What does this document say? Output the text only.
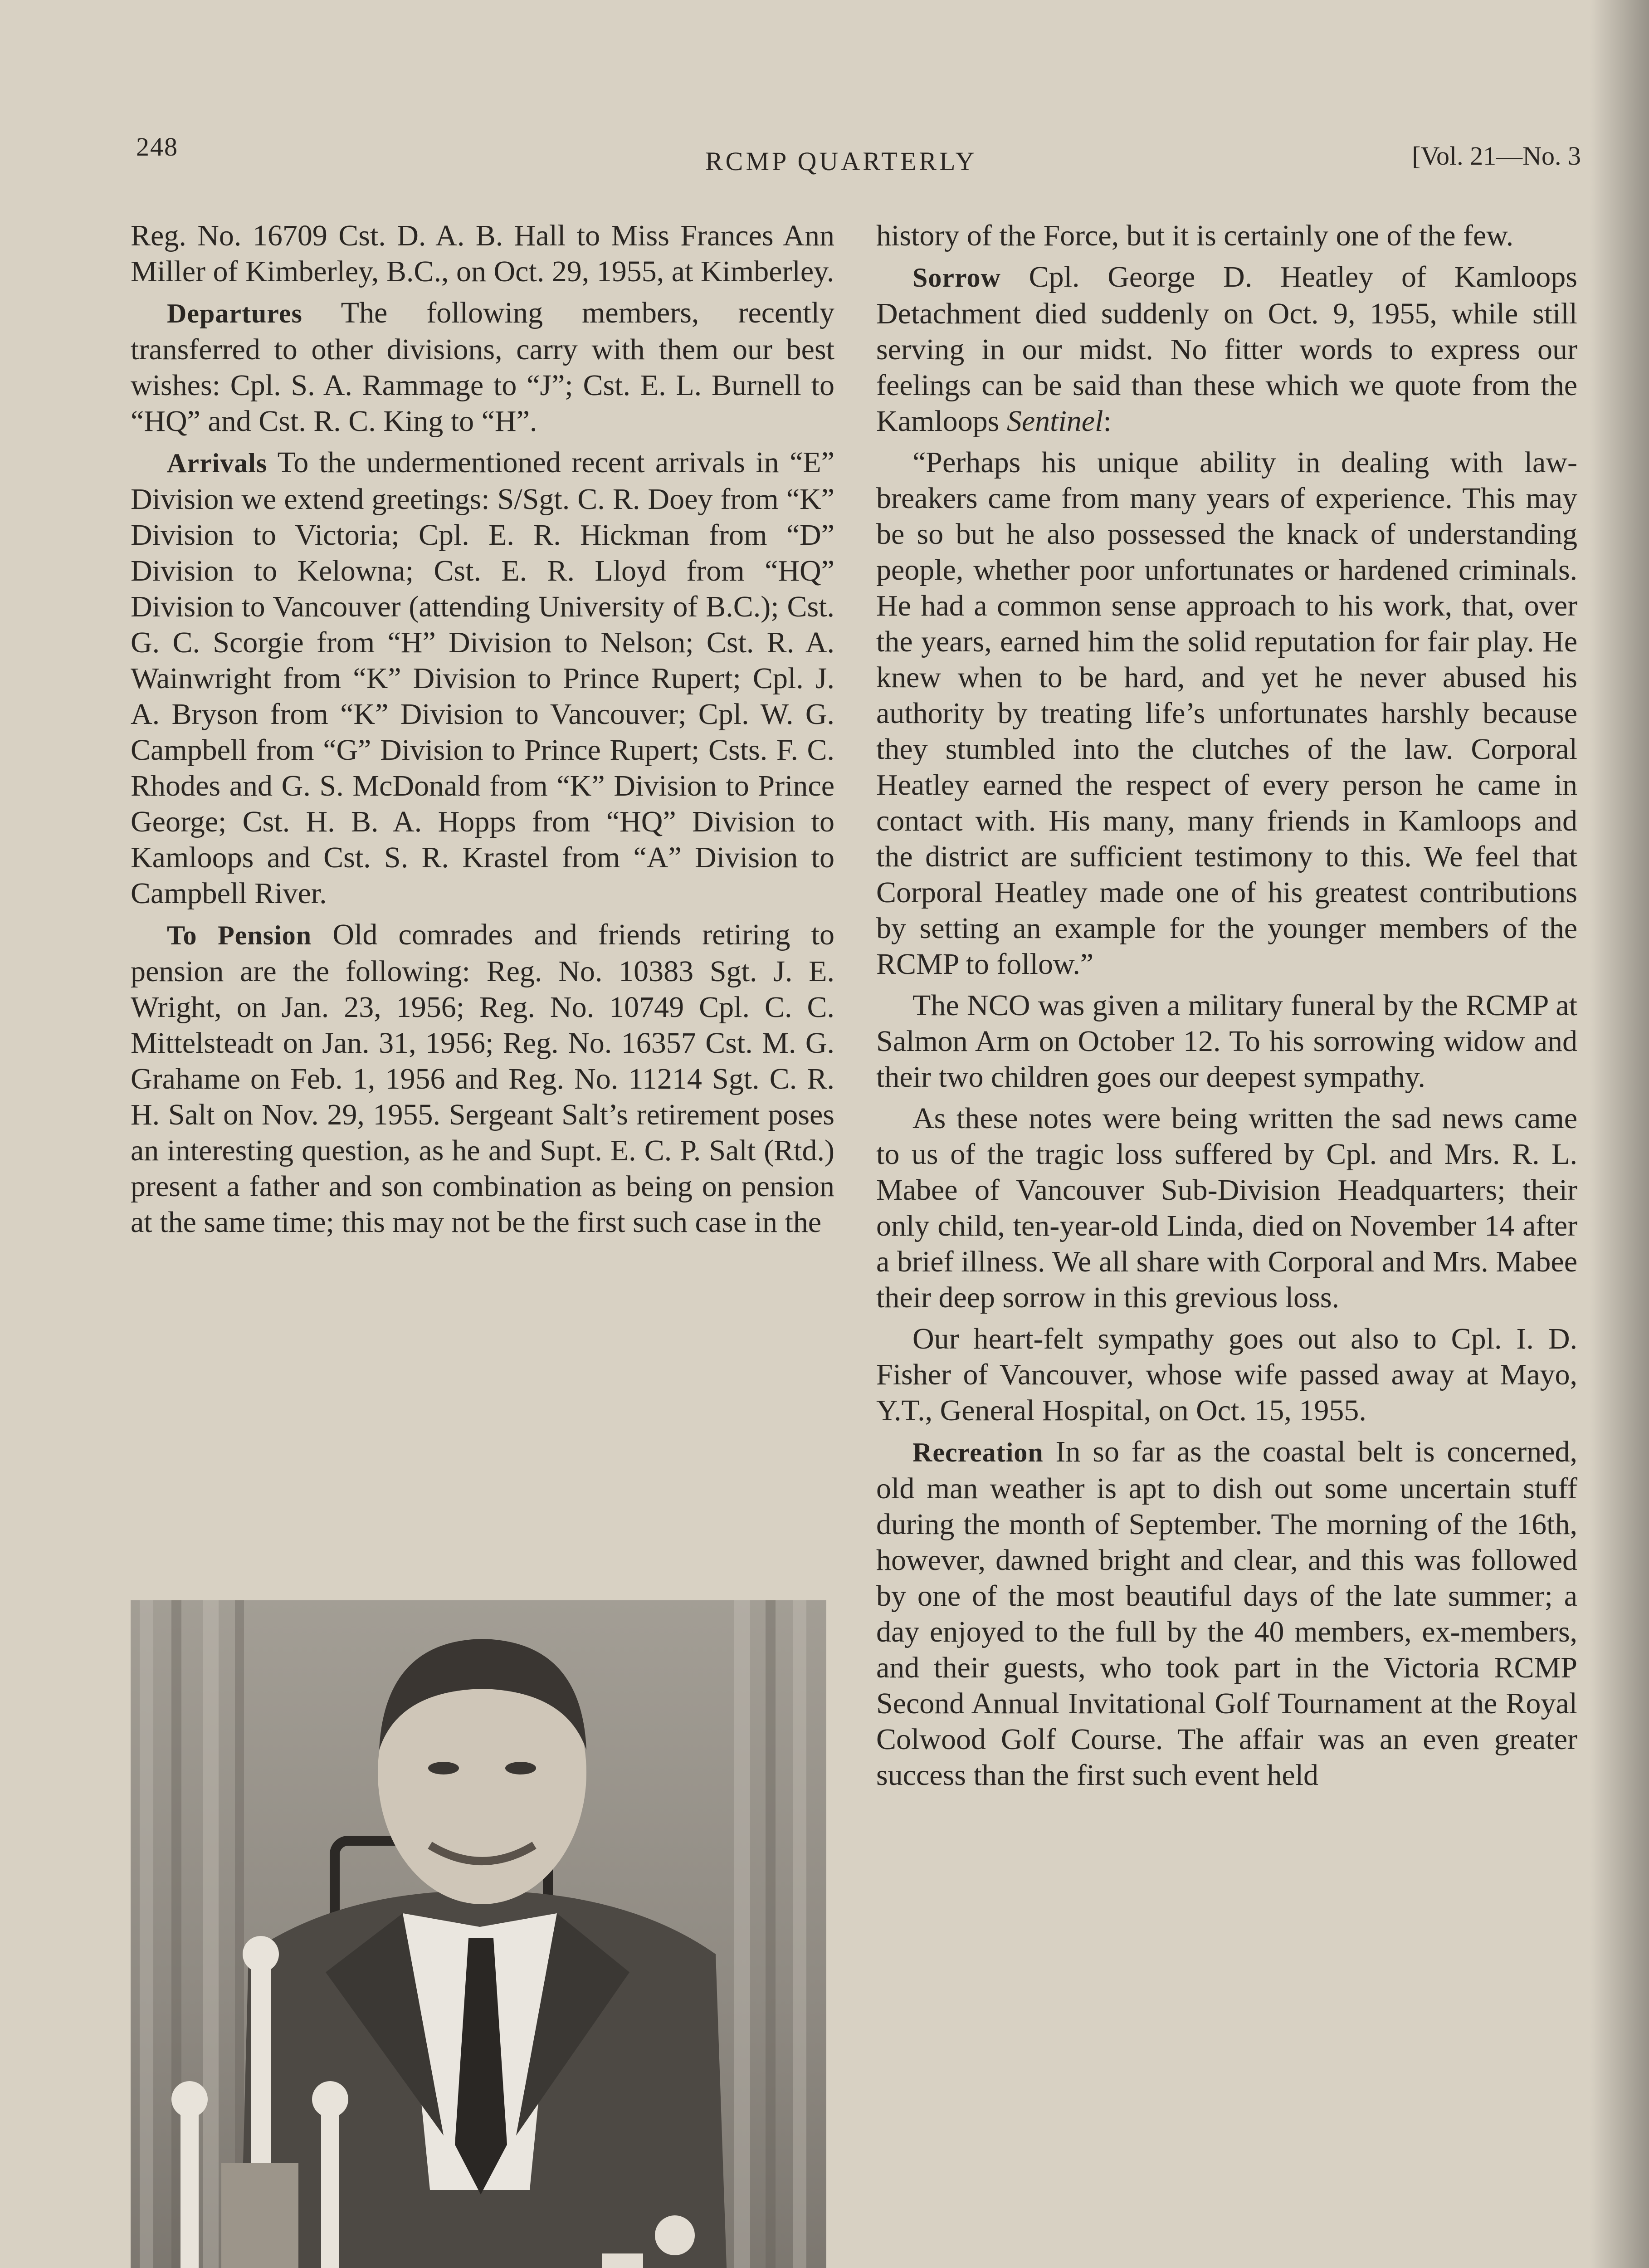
248	RCMP QUARTERLY	[Vol. 21—No. 3

Reg. No. 16709 Cst. D. A. B. Hall to Miss Frances Ann Miller of Kimberley, B.C., on Oct. 29, 1955, at Kimberley.

Departures The following members, recently transferred to other divisions, carry with them our best wishes: Cpl. S. A. Rammage to “J”; Cst. E. L. Burnell to “HQ” and Cst. R. C. King to “H”.

Arrivals To the undermentioned recent arrivals in “E” Division we extend greetings: S/Sgt. C. R. Doey from “K” Division to Victoria; Cpl. E. R. Hickman from “D” Division to Kelowna; Cst. E. R. Lloyd from “HQ” Division to Vancouver (attending University of B.C.); Cst. G. C. Scorgie from “H” Division to Nelson; Cst. R. A. Wainwright from “K” Division to Prince Rupert; Cpl. J. A. Bryson from “K” Division to Vancouver; Cpl. W. G. Campbell from “G” Division to Prince Rupert; Csts. F. C. Rhodes and G. S. McDonald from “K” Division to Prince George; Cst. H. B. A. Hopps from “HQ” Division to Kamloops and Cst. S. R. Krastel from “A” Division to Campbell River.

To Pension Old comrades and friends retiring to pension are the following: Reg. No. 10383 Sgt. J. E. Wright, on Jan. 23, 1956; Reg. No. 10749 Cpl. C. C. Mittelsteadt on Jan. 31, 1956; Reg. No. 16357 Cst. M. G. Grahame on Feb. 1, 1956 and Reg. No. 11214 Sgt. C. R. H. Salt on Nov. 29, 1955. Sergeant Salt’s retirement poses an interesting question, as he and Supt. E. C. P. Salt (Rtd.) present a father and son combination as being on pension at the same time; this may not be the first such case in the

history of the Force, but it is certainly one of the few.

Sorrow Cpl. George D. Heatley of Kamloops Detachment died suddenly on Oct. 9, 1955, while still serving in our midst. No fitter words to express our feelings can be said than these which we quote from the Kamloops Sentinel:

“Perhaps his unique ability in dealing with law-breakers came from many years of experience. This may be so but he also possessed the knack of understanding people, whether poor unfortunates or hardened criminals. He had a common sense approach to his work, that, over the years, earned him the solid reputation for fair play. He knew when to be hard, and yet he never abused his authority by treating life’s unfortunates harshly because they stumbled into the clutches of the law. Corporal Heatley earned the respect of every person he came in contact with. His many, many friends in Kamloops and the district are sufficient testimony to this. We feel that Corporal Heatley made one of his greatest contributions by setting an example for the younger members of the RCMP to follow.”

The NCO was given a military funeral by the RCMP at Salmon Arm on October 12. To his sorrowing widow and their two children goes our deepest sympathy.

As these notes were being written the sad news came to us of the tragic loss suffered by Cpl. and Mrs. R. L. Mabee of Vancouver Sub-Division Headquarters; their only child, ten-year-old Linda, died on November 14 after a brief illness. We all share with Corporal and Mrs. Mabee their deep sorrow in this grevious loss.

Our heart-felt sympathy goes out also to Cpl. I. D. Fisher of Vancouver, whose wife passed away at Mayo, Y.T., General Hospital, on Oct. 15, 1955.

Recreation In so far as the coastal belt is concerned, old man weather is apt to dish out some uncertain stuff during the month of September. The morning of the 16th, however, dawned bright and clear, and this was followed by one of the most beautiful days of the late summer; a day enjoyed to the full by the 40 members, ex-members, and their guests, who took part in the Victoria RCMP Second Annual Invitational Golf Tournament at the Royal Colwood Golf Course. The affair was an even greater success than the first such event held
